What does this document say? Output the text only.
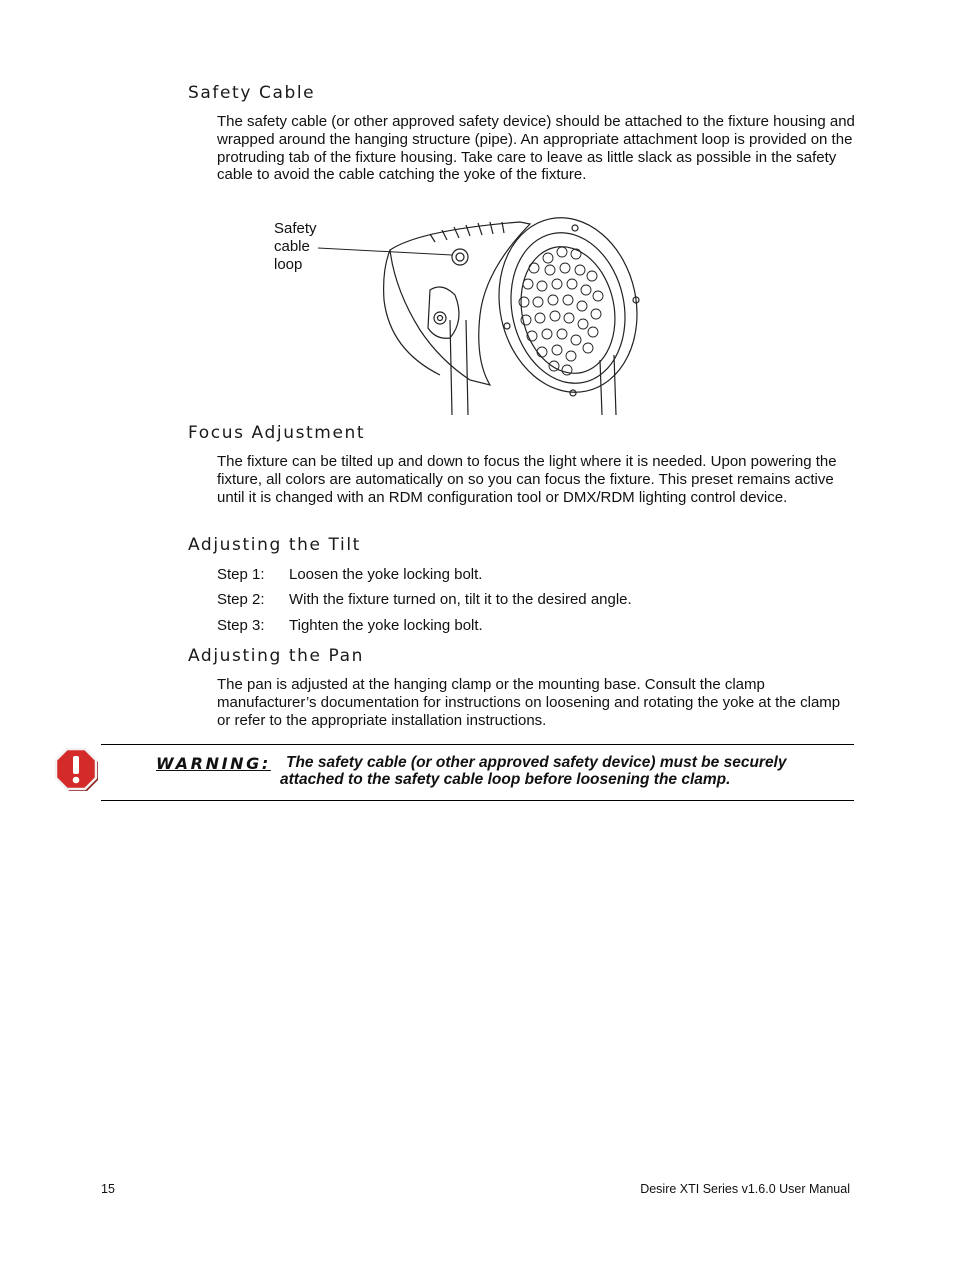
Safety Cable

The safety cable (or other approved safety device) should be attached to the fixture housing and wrapped around the hanging structure (pipe). An appropriate attachment loop is provided on the protruding tab of the fixture housing. Take care to leave as little slack as possible in the safety cable to avoid the cable catching the yoke of the fixture.

Safety
cable
loop
Focus Adjustment

The fixture can be tilted up and down to focus the light where it is needed. Upon powering the fixture, all colors are automatically on so you can focus the fixture. This preset remains active until it is changed with an RDM configuration tool or DMX/RDM lighting control device.

Adjusting the Tilt
Step 1: Loosen the yoke locking bolt.
Step 2: With the fixture turned on, tilt it to the desired angle.
Step 3: Tighten the yoke locking bolt.
Adjusting the Pan

The pan is adjusted at the hanging clamp or the mounting base. Consult the clamp manufacturer’s documentation for instructions on loosening and rotating the yoke at the clamp or refer to the appropriate installation instructions.

WARNING: The safety cable (or other approved safety device) must be securely attached to the safety cable loop before loosening the clamp.

15	Desire XTI Series v1.6.0 User Manual
